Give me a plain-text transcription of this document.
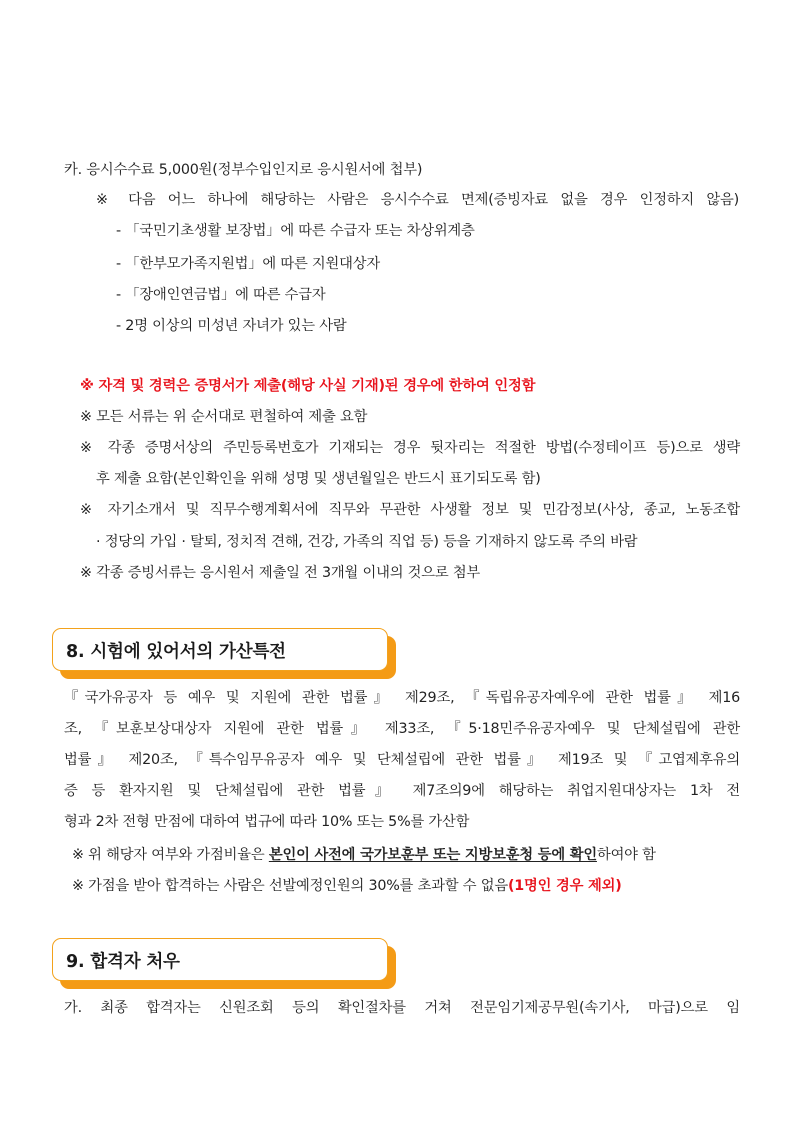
카. 응시수수료 5,000원(정부수입인지로 응시원서에 첩부)
※ 다음 어느 하나에 해당하는 사람은 응시수수료 면제(증빙자료 없을 경우 인정하지 않음)
- 「국민기초생활 보장법」에 따른 수급자 또는 차상위계층
- 「한부모가족지원법」에 따른 지원대상자
- 「장애인연금법」에 따른 수급자
- 2명 이상의 미성년 자녀가 있는 사람
※ 자격 및 경력은 증명서가 제출(해당 사실 기재)된 경우에 한하여 인정함
※ 모든 서류는 위 순서대로 편철하여 제출 요함
※ 각종 증명서상의 주민등록번호가 기재되는 경우 뒷자리는 적절한 방법(수정테이프 등)으로 생략
후 제출 요함(본인확인을 위해 성명 및 생년월일은 반드시 표기되도록 함)
※ 자기소개서 및 직무수행계획서에 직무와 무관한 사생활 정보 및 민감정보(사상, 종교, 노동조합
· 정당의 가입 · 탈퇴, 정치적 견해, 건강, 가족의 직업 등) 등을 기재하지 않도록 주의 바람
※ 각종 증빙서류는 응시원서 제출일 전 3개월 이내의 것으로 첨부
8. 시험에 있어서의 가산특전
『국가유공자 등 예우 및 지원에 관한 법률』 제29조, 『독립유공자예우에 관한 법률』 제16
조, 『보훈보상대상자 지원에 관한 법률』 제33조, 『5·18민주유공자예우 및 단체설립에 관한
법률』 제20조, 『특수임무유공자 예우 및 단체설립에 관한 법률』 제19조 및 『고엽제후유의
증 등 환자지원 및 단체설립에 관한 법률』 제7조의9에 해당하는 취업지원대상자는 1차 전
형과 2차 전형 만점에 대하여 법규에 따라 10% 또는 5%를 가산함
※ 위 해당자 여부와 가점비율은 본인이 사전에 국가보훈부 또는 지방보훈청 등에 확인하여야 함
※ 가점을 받아 합격하는 사람은 선발예정인원의 30%를 초과할 수 없음(1명인 경우 제외)
9. 합격자 처우
가. 최종 합격자는 신원조회 등의 확인절차를 거쳐 전문임기제공무원(속기사, 마급)으로 임
